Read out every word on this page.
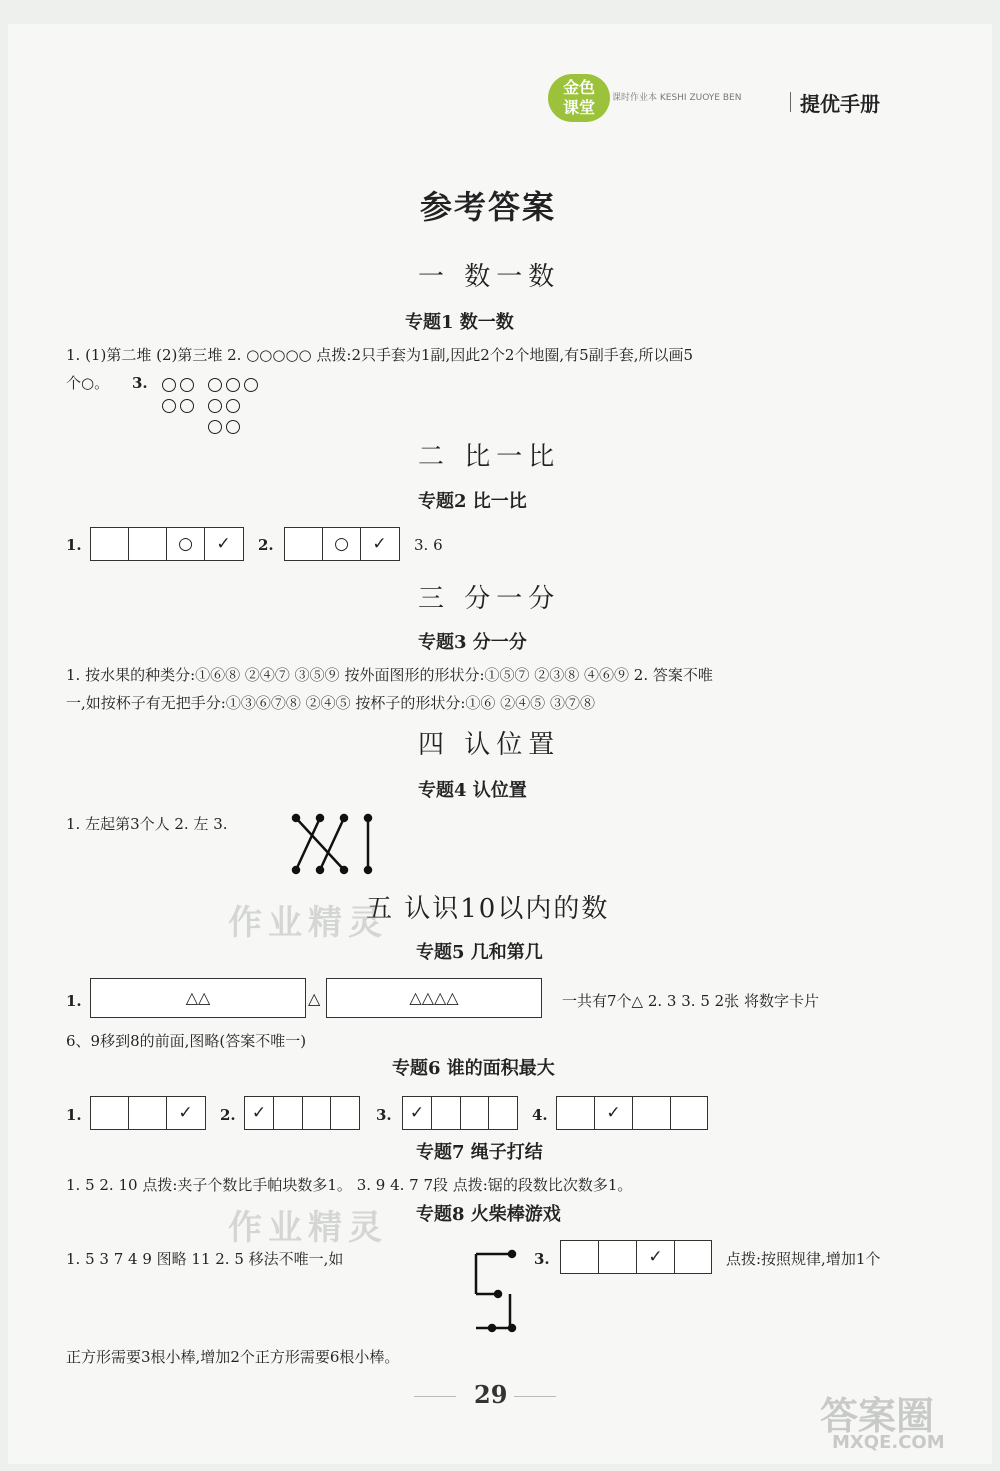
金色
课堂	课时作业本 KESHI ZUOYE BEN	提优手册
参考答案
作业精灵
作业精灵
答案圈
MXQE.COM
一 数一数
专题1 数一数
1. (1)第二堆 (2)第三堆 2. ○○○○○ 点拨:2只手套为1副,因此2个2个地圈,有5副手套,所以画5
个○。 3.
二 比一比
专题2 比一比
1.	○	✓	2.	○	✓	3. 6
三 分一分
专题3 分一分
1. 按水果的种类分:①⑥⑧ ②④⑦ ③⑤⑨ 按外面图形的形状分:①⑤⑦ ②③⑧ ④⑥⑨ 2. 答案不唯
一,如按杯子有无把手分:①③⑥⑦⑧ ②④⑤ 按杯子的形状分:①⑥ ②④⑤ ③⑦⑧
四 认位置
专题4 认位置
1. 左起第3个人 2. 左 3.
五 认识10以内的数
专题5 几和第几
1.	△△	△	△△△△	一共有7个△ 2. 3 3. 5 2张 将数字卡片
6、9移到8的前面,图略(答案不唯一)
专题6 谁的面积最大
1.	✓	2. ✓	3.	✓	4.	✓
专题7 绳子打结
1. 5 2. 10 点拨:夹子个数比手帕块数多1。 3. 9 4. 7 7段 点拨:锯的段数比次数多1。
专题8 火柴棒游戏
1. 5 3 7 4 9 图略 11 2. 5 移法不唯一,如	3.	✓	点拨:按照规律,增加1个
正方形需要3根小棒,增加2个正方形需要6根小棒。
29
